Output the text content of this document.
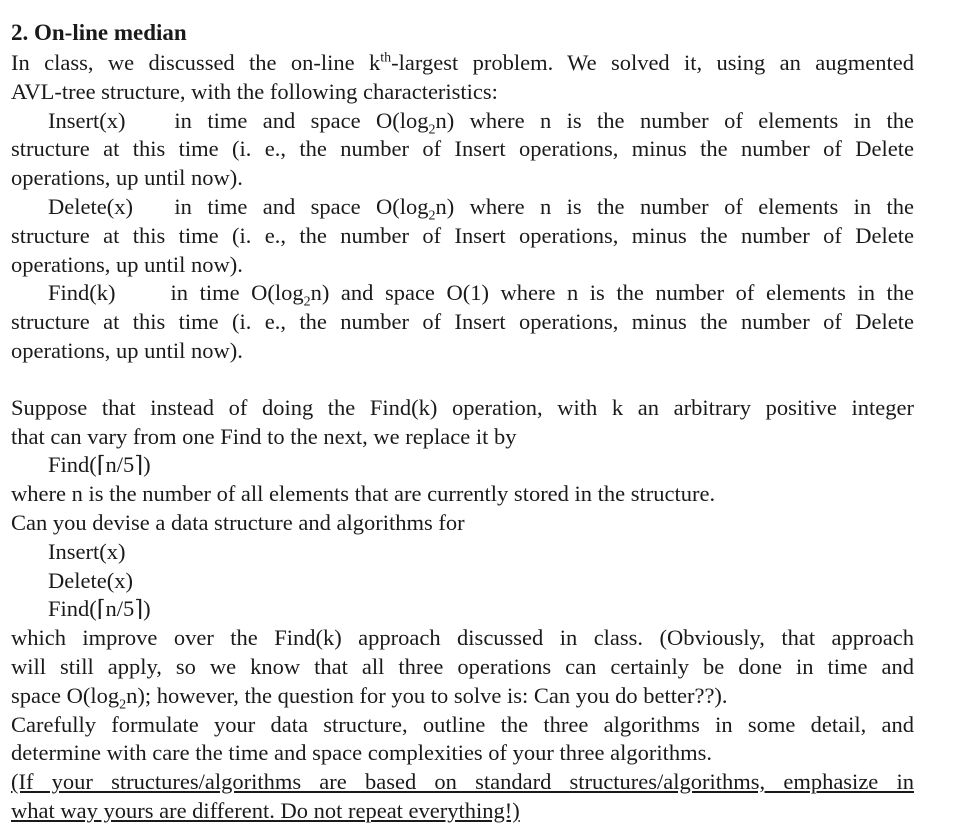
2. On-line median

In class, we discussed the on-line $k^{th}$-largest problem. We solved it, using an augmented

AVL-tree structure, with the following characteristics:

Insert(x) in time and space $O(\log_2n)$ where n is the number of elements in the

structure at this time (i. e., the number of Insert operations, minus the number of Delete

operations, up until now).

Delete(x) in time and space $O(\log_2n)$ where n is the number of elements in the

structure at this time (i. e., the number of Insert operations, minus the number of Delete

operations, up until now).

Find(k) in time $O(\log_2n)$ and space O(1) where n is the number of elements in the

structure at this time (i. e., the number of Insert operations, minus the number of Delete

operations, up until now).

Suppose that instead of doing the Find(k) operation, with k an arbitrary positive integer

that can vary from one Find to the next, we replace it by

Find(⌈n/5⌉)

where n is the number of all elements that are currently stored in the structure.

Can you devise a data structure and algorithms for

Insert(x)

Delete(x)

Find(⌈n/5⌉)

which improve over the Find(k) approach discussed in class. (Obviously, that approach

will still apply, so we know that all three operations can certainly be done in time and

space $O(\log_2n)$; however, the question for you to solve is: Can you do better??).

Carefully formulate your data structure, outline the three algorithms in some detail, and

determine with care the time and space complexities of your three algorithms.

(If your structures/algorithms are based on standard structures/algorithms, emphasize in

what way yours are different. Do not repeat everything!)
